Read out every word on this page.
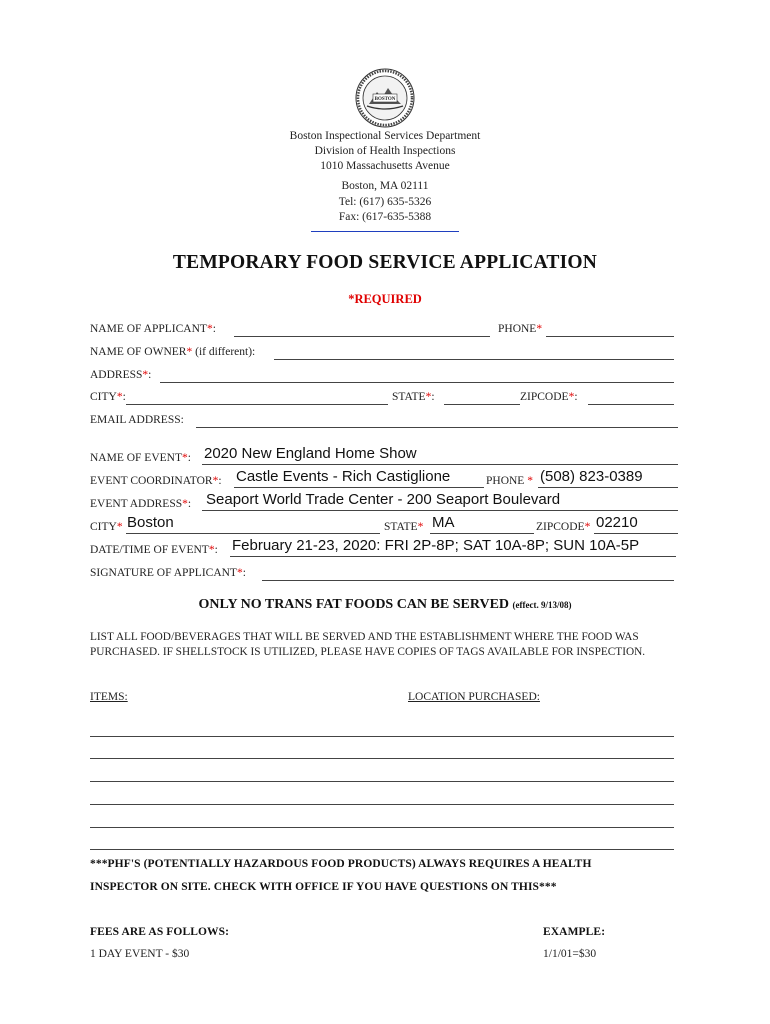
BOSTON
Boston Inspectional Services Department
Division of Health Inspections
1010 Massachusetts Avenue
Boston, MA 02111
Tel: (617) 635-5326
Fax: (617-635-5388
TEMPORARY FOOD SERVICE APPLICATION
*REQUIRED
NAME OF APPLICANT*:	PHONE*
NAME OF OWNER* (if different):
ADDRESS*:
CITY*:	STATE*:	ZIPCODE*:
EMAIL ADDRESS:
NAME OF EVENT*: 2020 New England Home Show
EVENT COORDINATOR*: Castle Events - Rich Castiglione	PHONE * (508) 823-0389
EVENT ADDRESS*: Seaport World Trade Center - 200 Seaport Boulevard
CITY* Boston	STATE* MA	ZIPCODE* 02210
DATE/TIME OF EVENT*: February 21-23, 2020: FRI 2P-8P; SAT 10A-8P; SUN 10A-5P
SIGNATURE OF APPLICANT*:
ONLY NO TRANS FAT FOODS CAN BE SERVED (effect. 9/13/08)
LIST ALL FOOD/BEVERAGES THAT WILL BE SERVED AND THE ESTABLISHMENT WHERE THE FOOD WAS PURCHASED. IF SHELLSTOCK IS UTILIZED, PLEASE HAVE COPIES OF TAGS AVAILABLE FOR INSPECTION.
ITEMS:	LOCATION PURCHASED:
***PHF'S (POTENTIALLY HAZARDOUS FOOD PRODUCTS) ALWAYS REQUIRES A HEALTH
INSPECTOR ON SITE. CHECK WITH OFFICE IF YOU HAVE QUESTIONS ON THIS***
FEES ARE AS FOLLOWS:	EXAMPLE:
1 DAY EVENT - $30	1/1/01=$30
